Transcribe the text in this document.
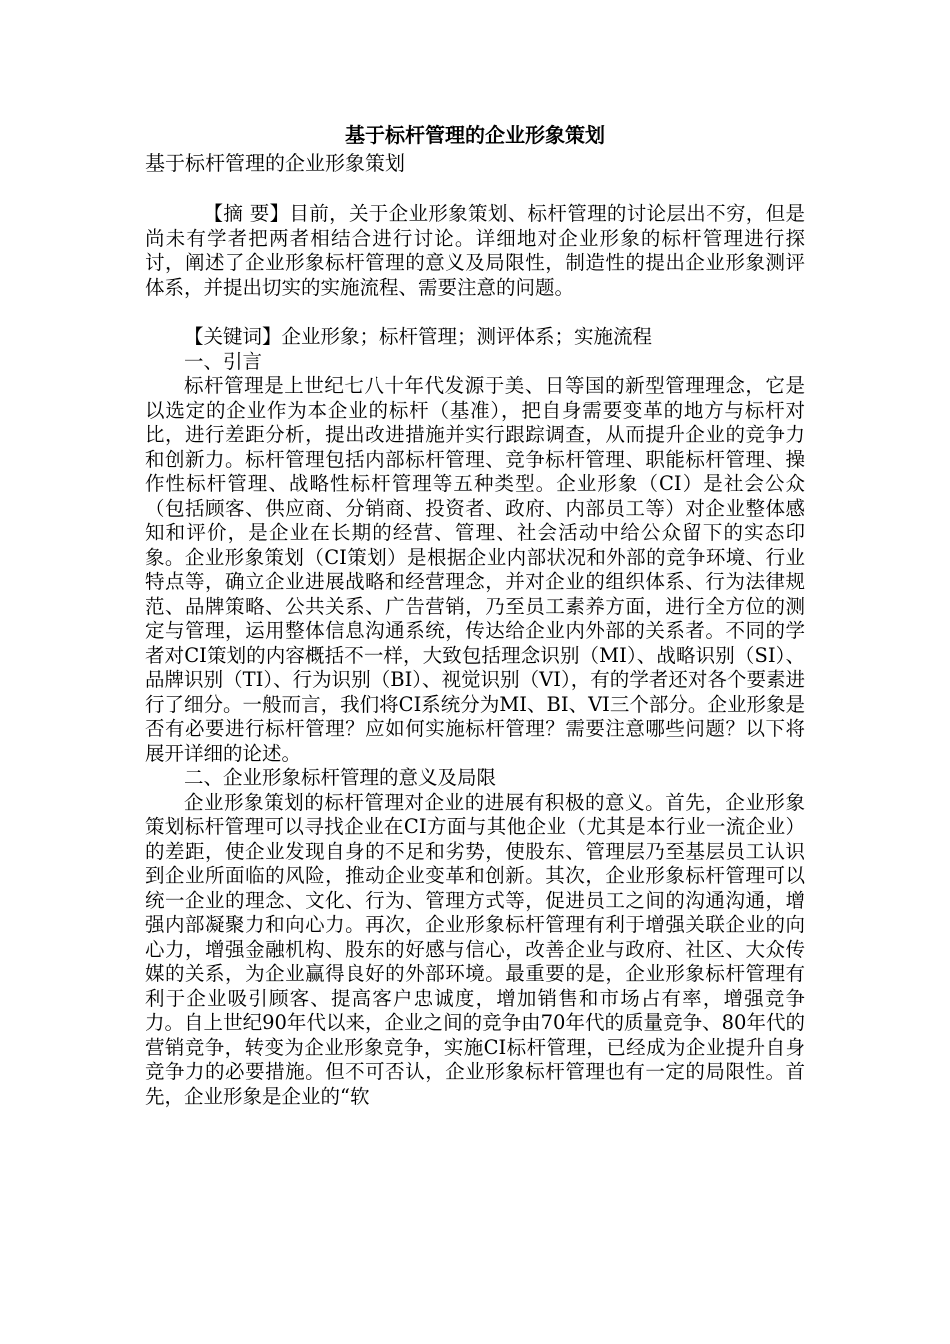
基于标杆管理的企业形象策划
基于标杆管理的企业形象策划

【摘 要】目前，关于企业形象策划、标杆管理的讨论层出不穷，但是尚未有学者把两者相结合进行讨论。详细地对企业形象的标杆管理进行探讨，阐述了企业形象标杆管理的意义及局限性，制造性的提出企业形象测评体系，并提出切实的实施流程、需要注意的问题。

【关键词】企业形象；标杆管理；测评体系；实施流程

一、引言

标杆管理是上世纪七八十年代发源于美、日等国的新型管理理念，它是以选定的企业作为本企业的标杆（基准），把自身需要变革的地方与标杆对比，进行差距分析，提出改进措施并实行跟踪调查，从而提升企业的竞争力和创新力。标杆管理包括内部标杆管理、竞争标杆管理、职能标杆管理、操作性标杆管理、战略性标杆管理等五种类型。企业形象（CI）是社会公众（包括顾客、供应商、分销商、投资者、政府、内部员工等）对企业整体感知和评价，是企业在长期的经营、管理、社会活动中给公众留下的实态印象。企业形象策划（CI策划）是根据企业内部状况和外部的竞争环境、行业特点等，确立企业进展战略和经营理念，并对企业的组织体系、行为法律规范、品牌策略、公共关系、广告营销，乃至员工素养方面，进行全方位的测定与管理，运用整体信息沟通系统，传达给企业内外部的关系者。不同的学者对CI策划的内容概括不一样，大致包括理念识别（MI）、战略识别（SI）、品牌识别（TI）、行为识别（BI）、视觉识别（VI），有的学者还对各个要素进行了细分。一般而言，我们将CI系统分为MI、BI、VI三个部分。企业形象是否有必要进行标杆管理？应如何实施标杆管理？需要注意哪些问题？以下将展开详细的论述。

二、企业形象标杆管理的意义及局限

企业形象策划的标杆管理对企业的进展有积极的意义。首先，企业形象策划标杆管理可以寻找企业在CI方面与其他企业（尤其是本行业一流企业）的差距，使企业发现自身的不足和劣势，使股东、管理层乃至基层员工认识到企业所面临的风险，推动企业变革和创新。其次，企业形象标杆管理可以统一企业的理念、文化、行为、管理方式等，促进员工之间的沟通沟通，增强内部凝聚力和向心力。再次，企业形象标杆管理有利于增强关联企业的向心力，增强金融机构、股东的好感与信心，改善企业与政府、社区、大众传媒的关系，为企业赢得良好的外部环境。最重要的是，企业形象标杆管理有利于企业吸引顾客、提高客户忠诚度，增加销售和市场占有率，增强竞争力。自上世纪90年代以来，企业之间的竞争由70年代的质量竞争、80年代的营销竞争，转变为企业形象竞争，实施CI标杆管理，已经成为企业提升自身竞争力的必要措施。但不可否认，企业形象标杆管理也有一定的局限性。首先，企业形象是企业的“软
